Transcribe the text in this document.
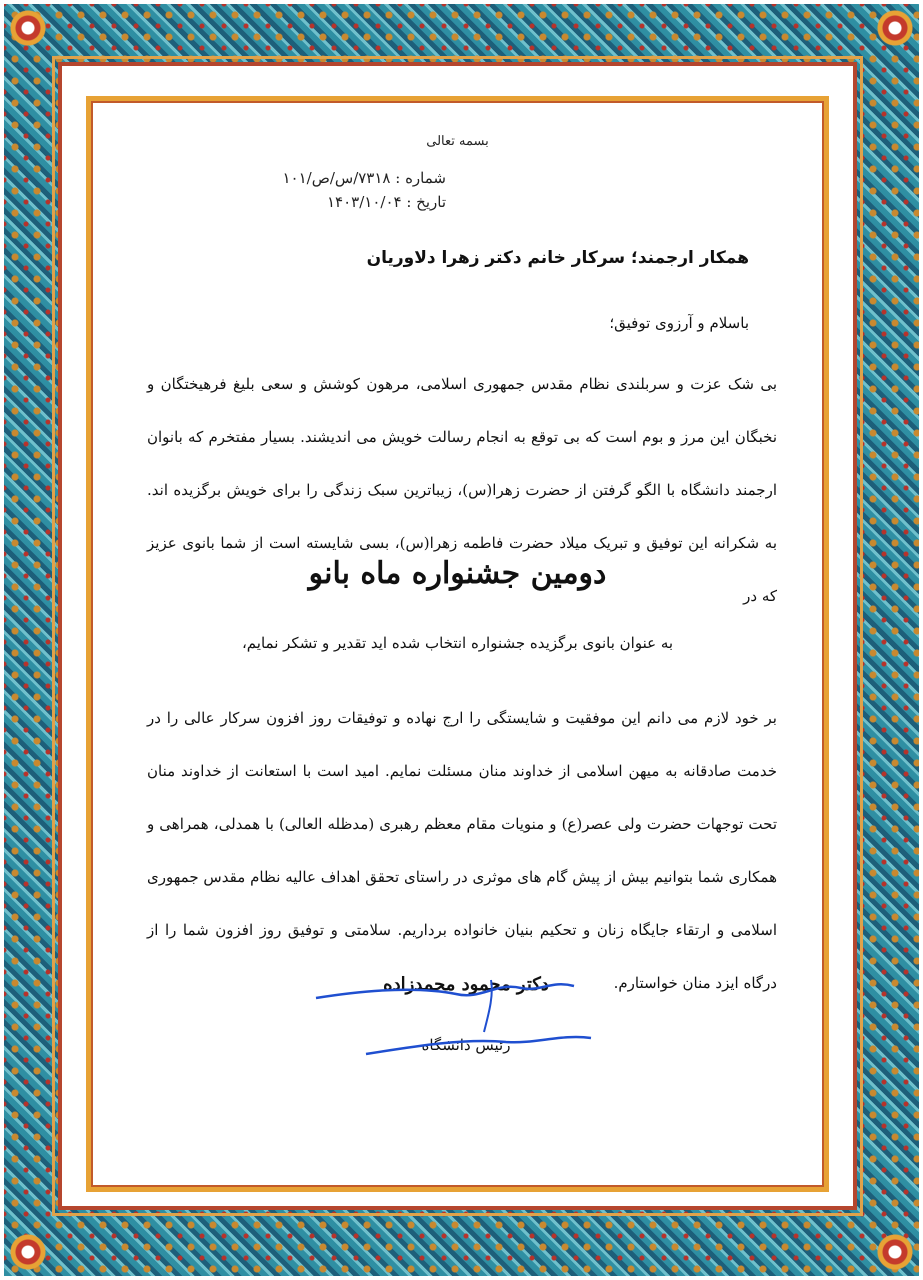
بسمه تعالی
شماره : ۷۳۱۸/س/ص/۱۰۱
تاریخ : ۱۴۰۳/۱۰/۰۴
همکار ارجمند؛ سرکار خانم دکتر زهرا دلاوریان
باسلام و آرزوی توفیق؛
بی شک عزت و سربلندی نظام مقدس جمهوری اسلامی، مرهون کوشش و سعی بلیغ فرهیختگان و نخبگان این مرز و بوم است که بی توقع به انجام رسالت خویش می اندیشند. بسیار مفتخرم که بانوان ارجمند دانشگاه با الگو گرفتن از حضرت زهرا(س)، زیباترین سبک زندگی را برای خویش برگزیده اند. به شکرانه این توفیق و تبریک میلاد حضرت فاطمه زهرا(س)، بسی شایسته است از شما بانوی عزیز که در
دومین جشنواره ماه بانو
به عنوان بانوی برگزیده جشنواره انتخاب شده اید تقدیر و تشکر نمایم،
بر خود لازم می دانم این موفقیت و شایستگی را ارج نهاده و توفیقات روز افزون سرکار عالی را در خدمت صادقانه به میهن اسلامی از خداوند منان مسئلت نمایم. امید است با استعانت از خداوند منان تحت توجهات حضرت ولی عصر(ع) و منویات مقام معظم رهبری (مدظله العالی) با همدلی، همراهی و همکاری شما بتوانیم بیش از پیش گام های موثری در راستای تحقق اهداف عالیه نظام مقدس جمهوری اسلامی و ارتقاء جایگاه زنان و تحکیم بنیان خانواده برداریم. سلامتی و توفیق روز افزون شما را از درگاه ایزد منان خواستارم.
دکتر محمود محمدزاده
رئیس دانشگاه
